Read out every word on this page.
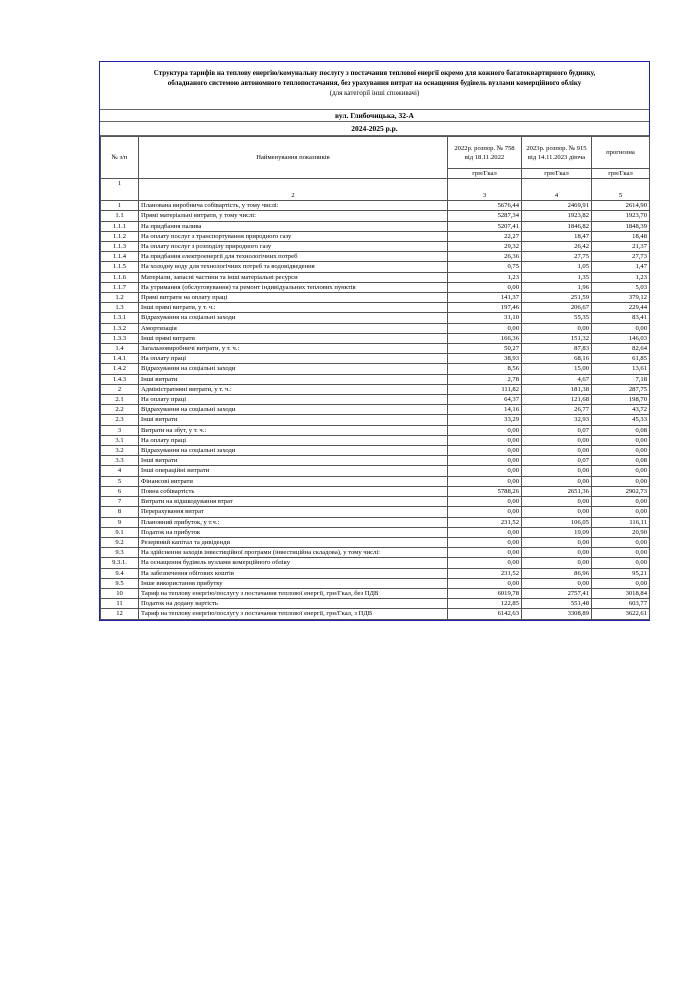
Структура тарифів на теплову енергію/комунальну послугу з постачання теплової енергії окремо для кожного багатоквартирного будинку,
обладнаного системою автономного теплопостачання, без урахування витрат на оснащення будівель вузлами комерційного обліку
(для категорії інші споживачі)
вул. Глибочицька, 32-А
2024-2025 р.р.
№ з/п	Найменування показників	2022р. розпор. № 758 від 18.11.2022	2023р. розпор. № 915 від 14.11.2023 діюча	прогнозна
		грн/Гкал	грн/Гкал	грн/Гкал
1	2	3	4	5
1	Планована виробнича собівартість, у тому числі:	5676,44	2469,91	2614,90
1.1	Прямі матеріальні витрати, у тому числі:	5287,34	1923,82	1923,70
1.1.1	На придбання палива	5207,41	1846,82	1848,39
1.1.2	На оплату послуг з транспортування природного газу	22,27	18,47	18,48
1.1.3	На оплату послуг з розподілу природного газу	29,32	26,42	21,37
1.1.4	На придбання електроенергії для технологічних потреб	26,36	27,75	27,73
1.1.5	На холодну воду для технологічних потреб та водовідведення	0,75	1,05	1,47
1.1.6	Матеріали, запасні частини та інші матеріальні ресурси	1,23	1,35	1,23
1.1.7	На утримання (обслуговування) та ремонт індивідуальних теплових пунктів	0,00	1,96	5,03
1.2	Прямі витрати на оплату праці	141,37	251,59	379,12
1.3	Інші прямі витрати, у т. ч.:	197,46	206,67	229,44
1.3.1	Відрахування на соціальні заходи	31,10	55,35	83,41
1.3.2	Амортизація	0,00	0,00	0,00
1.3.3	Інші прямі витрати	166,36	151,32	146,03
1.4	Загальновиробничі витрати, у т. ч.:	50,27	87,83	82,64
1.4.1	На оплату праці	38,93	68,16	61,85
1.4.2	Відрахування на соціальні заходи	8,56	15,00	13,61
1.4.3	Інші витрати	2,78	4,67	7,18
2	Адміністративні витрати, у т. ч.:	111,82	181,38	287,75
2.1	На оплату праці	64,37	121,68	198,70
2.2	Відрахування на соціальні заходи	14,16	26,77	43,72
2.3	Інші витрати	33,29	32,93	45,33
3	Витрати на збут, у т. ч.:	0,00	0,07	0,08
3.1	На оплату праці	0,00	0,00	0,00
3.2	Відрахування на соціальні заходи	0,00	0,00	0,00
3.3	Інші витрати	0,00	0,07	0,08
4	Інші операційні витрати	0,00	0,00	0,00
5	Фінансові витрати	0,00	0,00	0,00
6	Повна собівартість	5788,26	2651,36	2902,73
7	Витрати на відшкодування втрат	0,00	0,00	0,00
8	Перерахування витрат	0,00	0,00	0,00
9	Плановний прибуток, у т.ч.:	231,52	106,05	116,11
9.1	Податок на прибуток	0,00	19,09	20,90
9.2	Резервний капітал та дивіденди	0,00	0,00	0,00
9.3	На здійснення заходів інвестиційної програми (інвестиційна складова), у тому числі:	0,00	0,00	0,00
9.3.1.	На оснащення будівель вузлами комерційного обліку	0,00	0,00	0,00
9.4	На забезпечення обігових коштів	231,52	86,96	95,21
9.5	Інше використання прибутку	0,00	0,00	0,00
10	Тариф на теплову енергію/послугу з постачання теплової енергії, грн/Гкал, без ПДВ	6019,78	2757,41	3018,84
11	Податок на додану вартість	122,85	551,48	603,77
12	Тариф на теплову енергію/послугу з постачання теплової енергії, грн/Гкал, з ПДВ	6142,63	3308,89	3622,61
